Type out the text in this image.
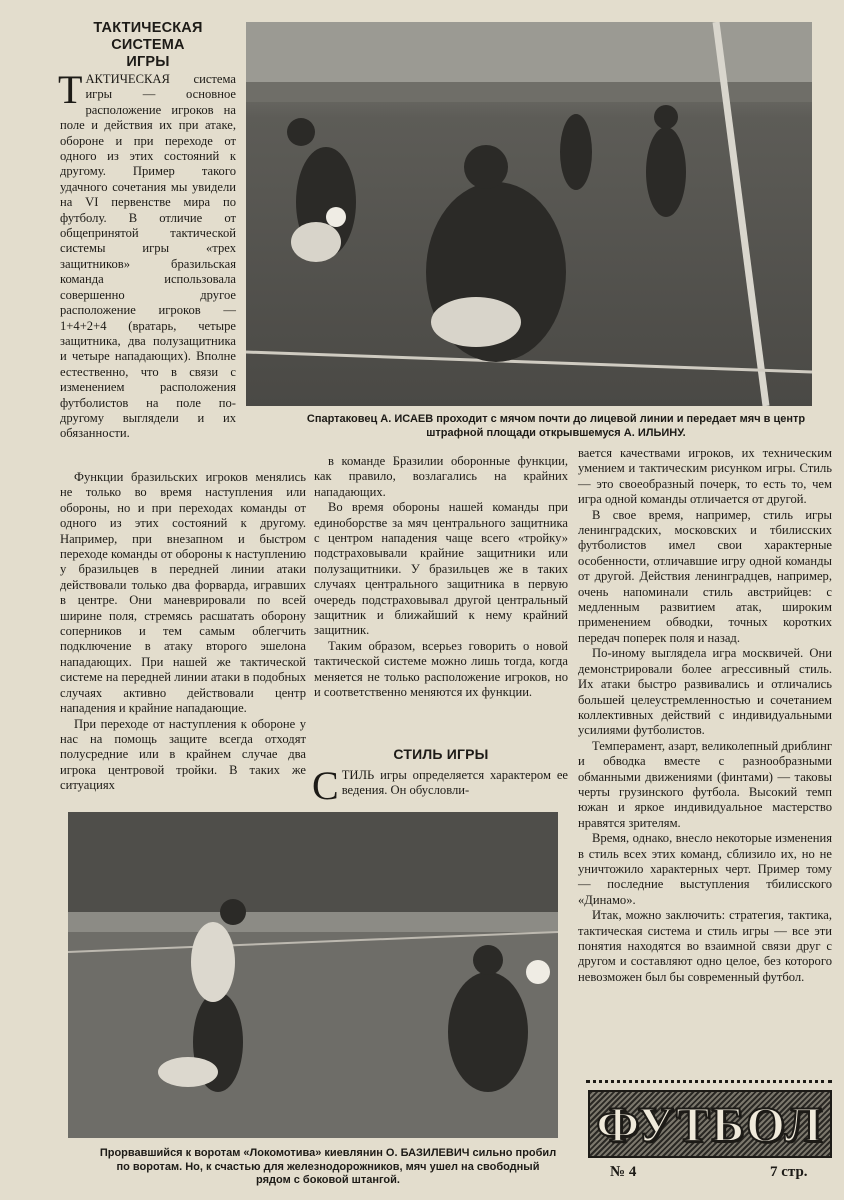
ТАКТИЧЕСКАЯ
СИСТЕМА
ИГРЫ

ТАКТИЧЕСКАЯ система игры — основное расположение игроков на поле и действия их при атаке, обороне и при переходе от одного из этих состояний к другому. Пример такого удачного сочетания мы увидели на VI первенстве мира по футболу. В отличие от общепринятой тактической системы игры «трех защитников» бразильская команда использовала совершенно другое расположение игроков — 1+4+2+4 (вратарь, четыре защитника, два полузащитника и четыре нападающих). Вполне естественно, что в связи с изменением расположения футболистов на поле по-другому выглядели и их обязанности.

Спартаковец А. ИСАЕВ проходит с мячом почти до лицевой линии и передает мяч в центр штрафной площади открывшемуся А. ИЛЬИНУ.

Функции бразильских игроков менялись не только во время наступления или обороны, но и при переходах команды от одного из этих состояний к другому. Например, при внезапном и быстром переходе команды от обороны к наступлению у бразильцев в передней линии атаки действовали только два форварда, игравших в центре. Они маневрировали по всей ширине поля, стремясь расшатать оборону соперников и тем самым облегчить подключение в атаку второго эшелона нападающих. При нашей же тактической системе на передней линии атаки в подобных случаях активно действовали центр нападения и крайние нападающие.

При переходе от наступления к обороне у нас на помощь защите всегда отходят полусредние или в крайнем случае два игрока центровой тройки. В таких же ситуациях

в команде Бразилии оборонные функции, как правило, возлагались на крайних нападающих.

Во время обороны нашей команды при единоборстве за мяч центрального защитника с центром нападения чаще всего «тройку» подстраховывали крайние защитники или полузащитники. У бразильцев же в таких случаях центрального защитника в первую очередь подстраховывал другой центральный защитник и ближайший к нему крайний защитник.

Таким образом, всерьез говорить о новой тактической системе можно лишь тогда, когда меняется не только расположение игроков, но и соответственно меняются их функции.

СТИЛЬ ИГРЫ

СТИЛЬ игры определяется характером ее ведения. Он обусловли-

вается качествами игроков, их техническим умением и тактическим рисунком игры. Стиль — это своеобразный почерк, то есть то, чем игра одной команды отличается от другой.

В свое время, например, стиль игры ленинградских, московских и тбилисских футболистов имел свои характерные особенности, отличавшие игру одной команды от другой. Действия ленинградцев, например, очень напоминали стиль австрийцев: с медленным развитием атак, широким применением обводки, точных коротких передач поперек поля и назад.

По-иному выглядела игра москвичей. Они демонстрировали более агрессивный стиль. Их атаки быстро развивались и отличались большей целеустремленностью и сочетанием коллективных действий с индивидуальными усилиями футболистов.

Темперамент, азарт, великолепный дриблинг и обводка вместе с разнообразными обманными движениями (финтами) — таковы черты грузинского футбола. Высокий темп южан и яркое индивидуальное мастерство нравятся зрителям.

Время, однако, внесло некоторые изменения в стиль всех этих команд, сблизило их, но не уничтожило характерных черт. Пример тому — последние выступления тбилисского «Динамо».

Итак, можно заключить: стратегия, тактика, тактическая система и стиль игры — все эти понятия находятся во взаимной связи друг с другом и составляют одно целое, без которого невозможен был бы современный футбол.

Прорвавшийся к воротам «Локомотива» киевлянин О. БАЗИЛЕВИЧ сильно пробил по воротам. Но, к счастью для железнодорожников, мяч ушел на свободный рядом с боковой штангой.
ФУТБОЛ
№ 4	7 стр.
